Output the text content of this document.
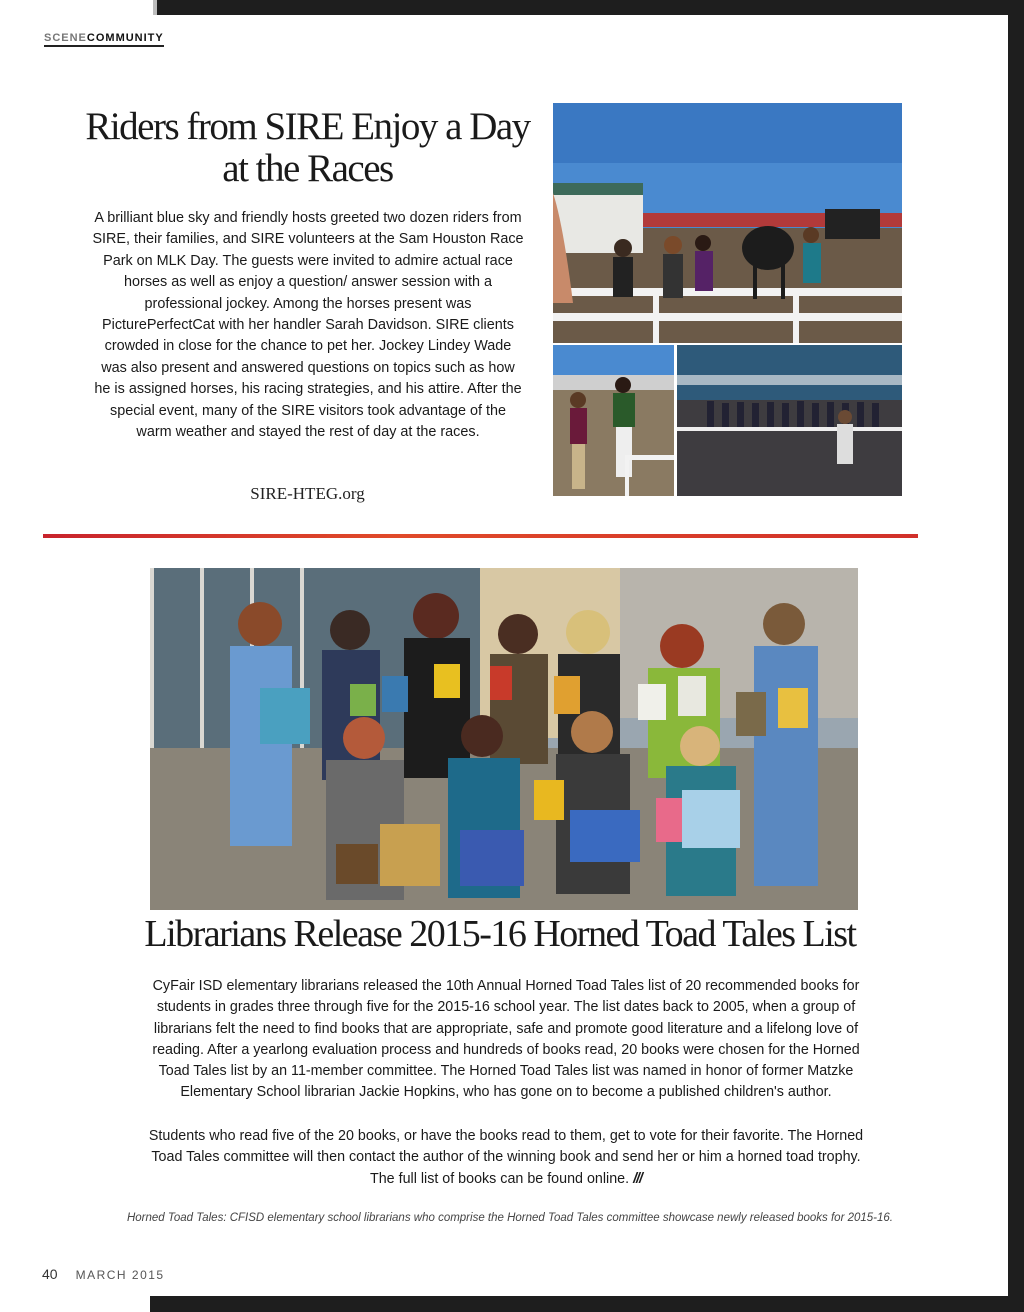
SCENECOMMUNITY
Riders from SIRE Enjoy a Day at the Races
A brilliant blue sky and friendly hosts greeted two dozen riders from SIRE, their families, and SIRE volunteers at the Sam Houston Race Park on MLK Day. The guests were invited to admire actual race horses as well as enjoy a question/ answer session with a professional jockey. Among the horses present was PicturePerfectCat with her handler Sarah Davidson. SIRE clients crowded in close for the chance to pet her. Jockey Lindey Wade was also present and answered questions on topics such as how he is assigned horses, his racing strategies, and his attire. After the special event, many of the SIRE visitors took advantage of the warm weather and stayed the rest of day at the races.
SIRE-HTEG.org
Librarians Release 2015-16 Horned Toad Tales List
CyFair ISD elementary librarians released the 10th Annual Horned Toad Tales list of 20 recommended books for students in grades three through five for the 2015-16 school year. The list dates back to 2005, when a group of librarians felt the need to find books that are appropriate, safe and promote good literature and a lifelong love of reading. After a yearlong evaluation process and hundreds of books read, 20 books were chosen for the Horned Toad Tales list by an 11-member committee. The Horned Toad Tales list was named in honor of former Matzke Elementary School librarian Jackie Hopkins, who has gone on to become a published children's author.
Students who read five of the 20 books, or have the books read to them, get to vote for their favorite. The Horned Toad Tales committee will then contact the author of the winning book and send her or him a horned toad trophy. The full list of books can be found online. ///
Horned Toad Tales: CFISD elementary school librarians who comprise the Horned Toad Tales committee showcase newly released books for 2015-16.
40 MARCH 2015
